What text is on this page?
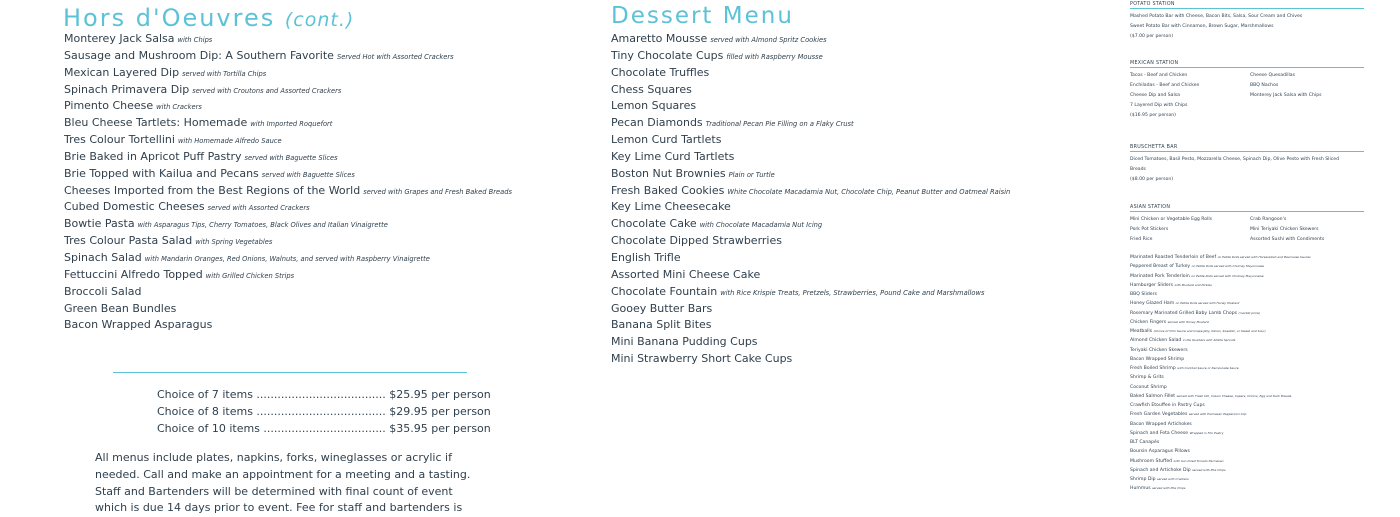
Hors d'Oeuvres (cont.)
Monterey Jack Salsa with Chips
Sausage and Mushroom Dip: A Southern Favorite Served Hot with Assorted Crackers
Mexican Layered Dip served with Tortilla Chips
Spinach Primavera Dip served with Croutons and Assorted Crackers
Pimento Cheese with Crackers
Bleu Cheese Tartlets: Homemade with Imported Roquefort
Tres Colour Tortellini with Homemade Alfredo Sauce
Brie Baked in Apricot Puff Pastry served with Baguette Slices
Brie Topped with Kailua and Pecans served with Baguette Slices
Cheeses Imported from the Best Regions of the World served with Grapes and Fresh Baked Breads
Cubed Domestic Cheeses served with Assorted Crackers
Bowtie Pasta with Asparagus Tips, Cherry Tomatoes, Black Olives and Italian Vinaigrette
Tres Colour Pasta Salad with Spring Vegetables
Spinach Salad with Mandarin Oranges, Red Onions, Walnuts, and served with Raspberry Vinaigrette
Fettuccini Alfredo Topped with Grilled Chicken Strips
Broccoli Salad
Green Bean Bundles
Bacon Wrapped Asparagus
Choice of 7 items ..................................... $25.95 per person
Choice of 8 items ..................................... $29.95 per person
Choice of 10 items ................................... $35.95 per person

All menus include plates, napkins, forks, wineglasses or acrylic if needed. Call and make an appointment for a meeting and a tasting. Staff and Bartenders will be determined with final count of event which is due 14 days prior to event. Fee for staff and bartenders is

Dessert Menu
Amaretto Mousse served with Almond Spritz Cookies
Tiny Chocolate Cups filled with Raspberry Mousse
Chocolate Truffles
Chess Squares
Lemon Squares
Pecan Diamonds Traditional Pecan Pie Filling on a Flaky Crust
Lemon Curd Tartlets
Key Lime Curd Tartlets
Boston Nut Brownies Plain or Turtle
Fresh Baked Cookies White Chocolate Macadamia Nut, Chocolate Chip, Peanut Butter and Oatmeal Raisin
Key Lime Cheesecake
Chocolate Cake with Chocolate Macadamia Nut Icing
Chocolate Dipped Strawberries
English Trifle
Assorted Mini Cheese Cake
Chocolate Fountain with Rice Krispie Treats, Pretzels, Strawberries, Pound Cake and Marshmallows
Gooey Butter Bars
Banana Split Bites
Mini Banana Pudding Cups
Mini Strawberry Short Cake Cups
POTATO STATION
Mashed Potato Bar with Cheese, Bacon Bits, Salsa, Sour Cream and Chives
Sweet Potato Bar with Cinnamon, Brown Sugar, Marshmallows
($7.00 per person)
MEXICAN STATION
Tacos - Beef and Chicken
Enchiladas - Beef and Chicken
Cheese Dip and Salsa
7 Layered Dip with Chips
($16.95 per person)
Cheese Quesadillas
BBQ Nachos
Monterey Jack Salsa with Chips
BRUSCHETTA BAR
Diced Tomatoes, Basil Pesto, Mozzarella Cheese, Spinach Dip, Olive Pesto with Fresh Sliced
Breads
($8.00 per person)
ASIAN STATION
Mini Chicken or Vegetable Egg Rolls
Pork Pot Stickers
Fried Rice
Crab Rangoon's
Mini Teriyaki Chicken Skewers
Assorted Sushi with Condiments
Marinated Roasted Tenderloin of Beef on Petite Rolls served with Horseradish and Bearnaise Sauces
Peppered Breast of Turkey on Petite Rolls served with Chutney Mayonnaise
Marinated Pork Tenderloin on Petite Rolls served with Chutney Mayonnaise
Hamburger Sliders with Mustard and Pickles
BBQ Sliders
Honey Glazed Ham on Petite Rolls served with Honey Mustard
Rosemary Marinated Grilled Baby Lamb Chops (market price)
Chicken Fingers served with Honey Mustard
Meatballs (choice of Chili Sauce and Grape Jelly, Italian, Swedish, or Sweet and Sour)
Almond Chicken Salad in Pie Quarters with Alfalfa Sprouts
Teriyaki Chicken Skewers
Bacon Wrapped Shrimp
Fresh Boiled Shrimp with Cocktail Sauce or Remoulade Sauce
Shrimp & Grits
Coconut Shrimp
Baked Salmon Fillet served with Fresh Dill, Cream Cheese, Capers, Onions, Egg and Dark Breads
Crawfish Etouffee in Pastry Cups
Fresh Garden Vegetables served with Parmesan Peppercorn Dip
Bacon Wrapped Artichokes
Spinach and Feta Cheese Wrapped in Filo Pastry
BLT Canapés
Boursin Asparagus Pillows
Mushroom Stuffed with Sun Dried Tomato Parmesan
Spinach and Artichoke Dip served with Pita Chips
Shrimp Dip served with Crackers
Hummus served with Pita Chips
